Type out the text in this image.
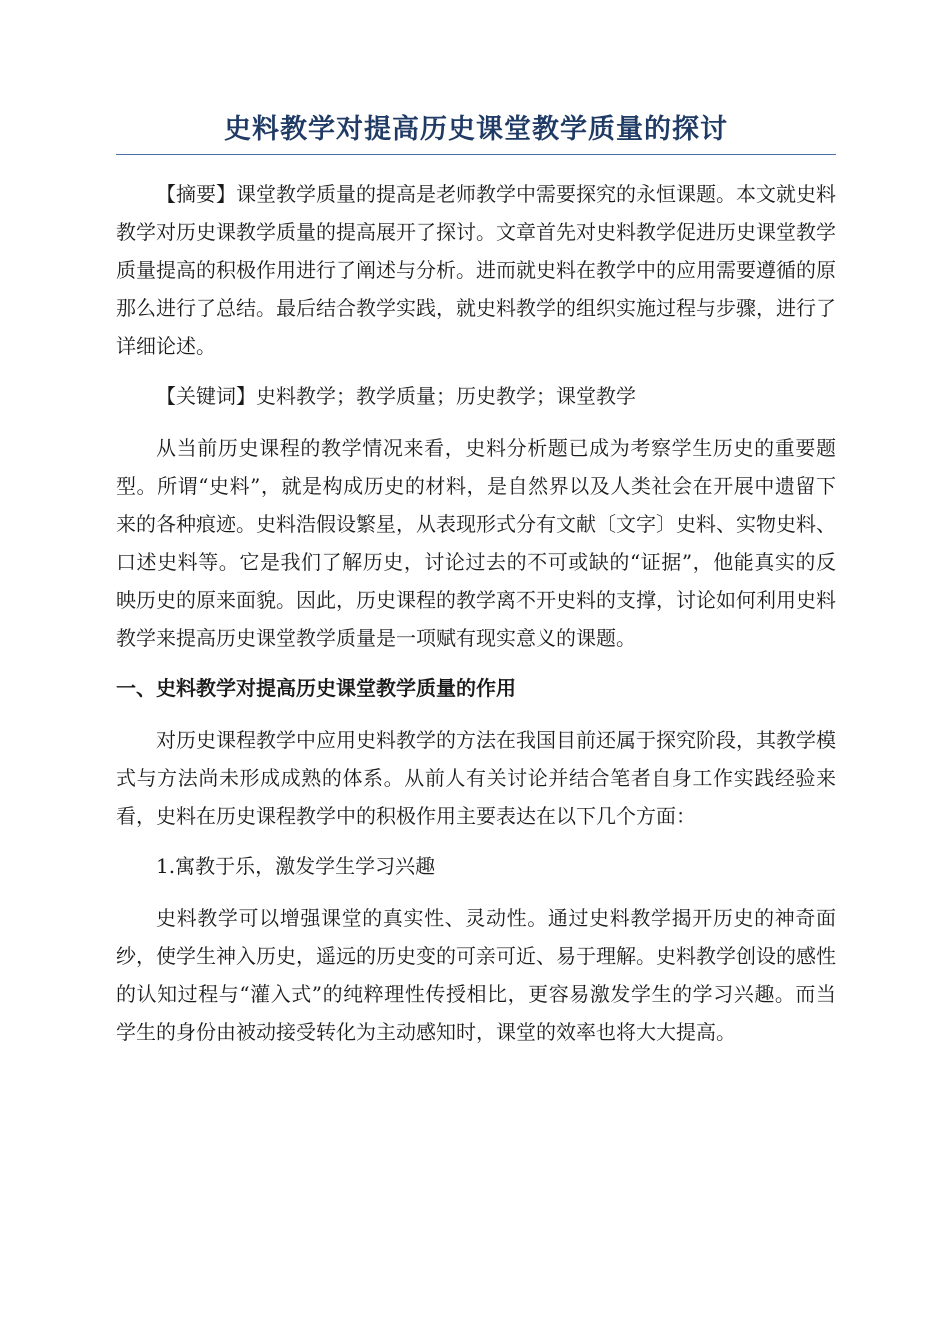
史料教学对提高历史课堂教学质量的探讨

【摘要】课堂教学质量的提高是老师教学中需要探究的永恒课题。本文就史料教学对历史课教学质量的提高展开了探讨。文章首先对史料教学促进历史课堂教学质量提高的积极作用进行了阐述与分析。进而就史料在教学中的应用需要遵循的原那么进行了总结。最后结合教学实践，就史料教学的组织实施过程与步骤，进行了详细论述。

【关键词】史料教学；教学质量；历史教学；课堂教学

从当前历史课程的教学情况来看，史料分析题已成为考察学生历史的重要题型。所谓“史料”，就是构成历史的材料，是自然界以及人类社会在开展中遗留下来的各种痕迹。史料浩假设繁星，从表现形式分有文献〔文字〕史料、实物史料、口述史料等。它是我们了解历史，讨论过去的不可或缺的“证据”，他能真实的反映历史的原来面貌。因此，历史课程的教学离不开史料的支撑，讨论如何利用史料教学来提高历史课堂教学质量是一项赋有现实意义的课题。

一、史料教学对提高历史课堂教学质量的作用

对历史课程教学中应用史料教学的方法在我国目前还属于探究阶段，其教学模式与方法尚未形成成熟的体系。从前人有关讨论并结合笔者自身工作实践经验来看，史料在历史课程教学中的积极作用主要表达在以下几个方面：

1.寓教于乐，激发学生学习兴趣

史料教学可以增强课堂的真实性、灵动性。通过史料教学揭开历史的神奇面纱，使学生神入历史，遥远的历史变的可亲可近、易于理解。史料教学创设的感性的认知过程与“灌入式”的纯粹理性传授相比，更容易激发学生的学习兴趣。而当学生的身份由被动接受转化为主动感知时，课堂的效率也将大大提高。
